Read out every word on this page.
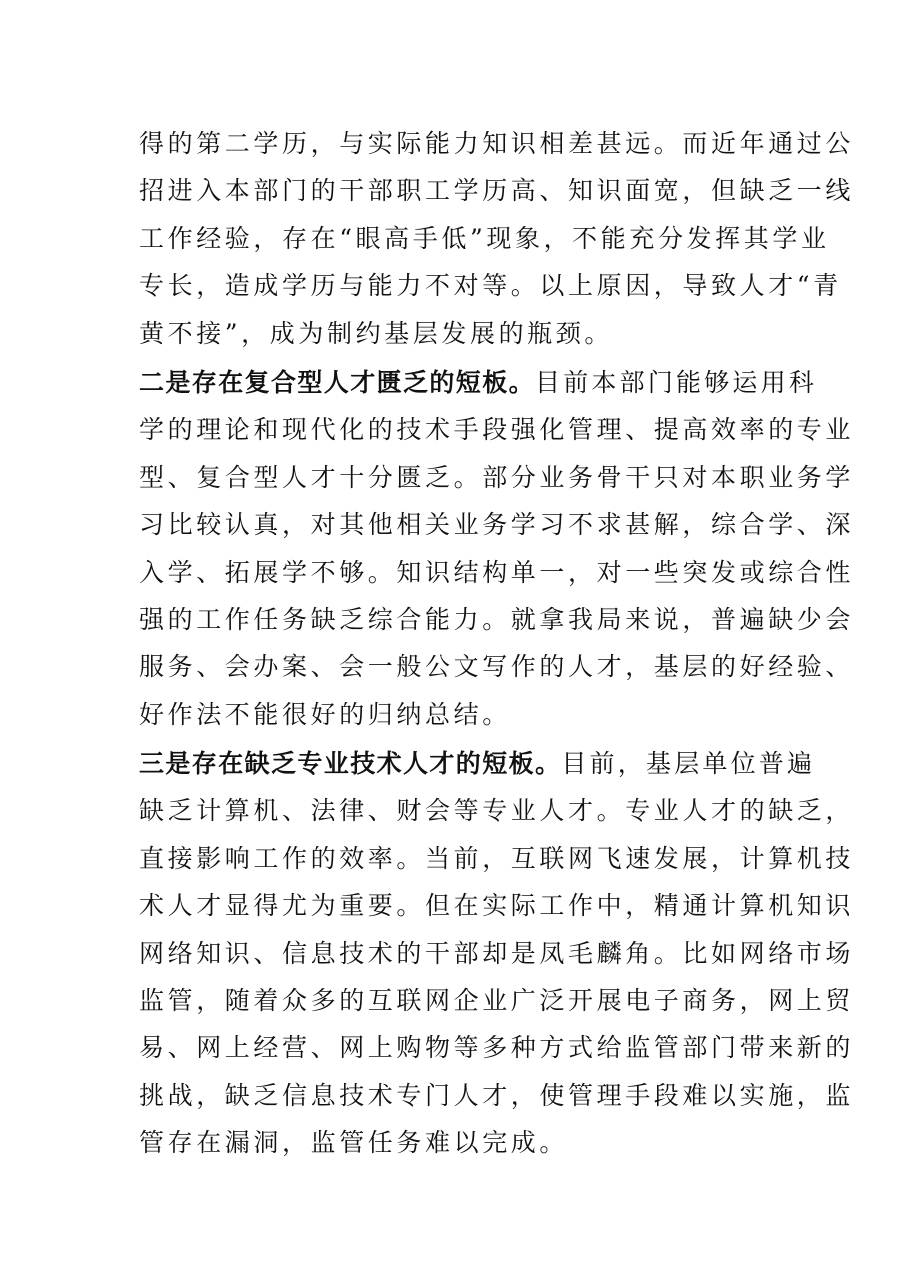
得的第二学历，与实际能力知识相差甚远。而近年通过公
招进入本部门的干部职工学历高、知识面宽，但缺乏一线
工作经验，存在“眼高手低”现象，不能充分发挥其学业
专长，造成学历与能力不对等。以上原因，导致人才“青
黄不接”，成为制约基层发展的瓶颈。
二是存在复合型人才匮乏的短板。目前本部门能够运用科
学的理论和现代化的技术手段强化管理、提高效率的专业
型、复合型人才十分匮乏。部分业务骨干只对本职业务学
习比较认真，对其他相关业务学习不求甚解，综合学、深
入学、拓展学不够。知识结构单一，对一些突发或综合性
强的工作任务缺乏综合能力。就拿我局来说，普遍缺少会
服务、会办案、会一般公文写作的人才，基层的好经验、
好作法不能很好的归纳总结。
三是存在缺乏专业技术人才的短板。目前，基层单位普遍
缺乏计算机、法律、财会等专业人才。专业人才的缺乏，
直接影响工作的效率。当前，互联网飞速发展，计算机技
术人才显得尤为重要。但在实际工作中，精通计算机知识
网络知识、信息技术的干部却是凤毛麟角。比如网络市场
监管，随着众多的互联网企业广泛开展电子商务，网上贸
易、网上经营、网上购物等多种方式给监管部门带来新的
挑战，缺乏信息技术专门人才，使管理手段难以实施，监
管存在漏洞，监管任务难以完成。
